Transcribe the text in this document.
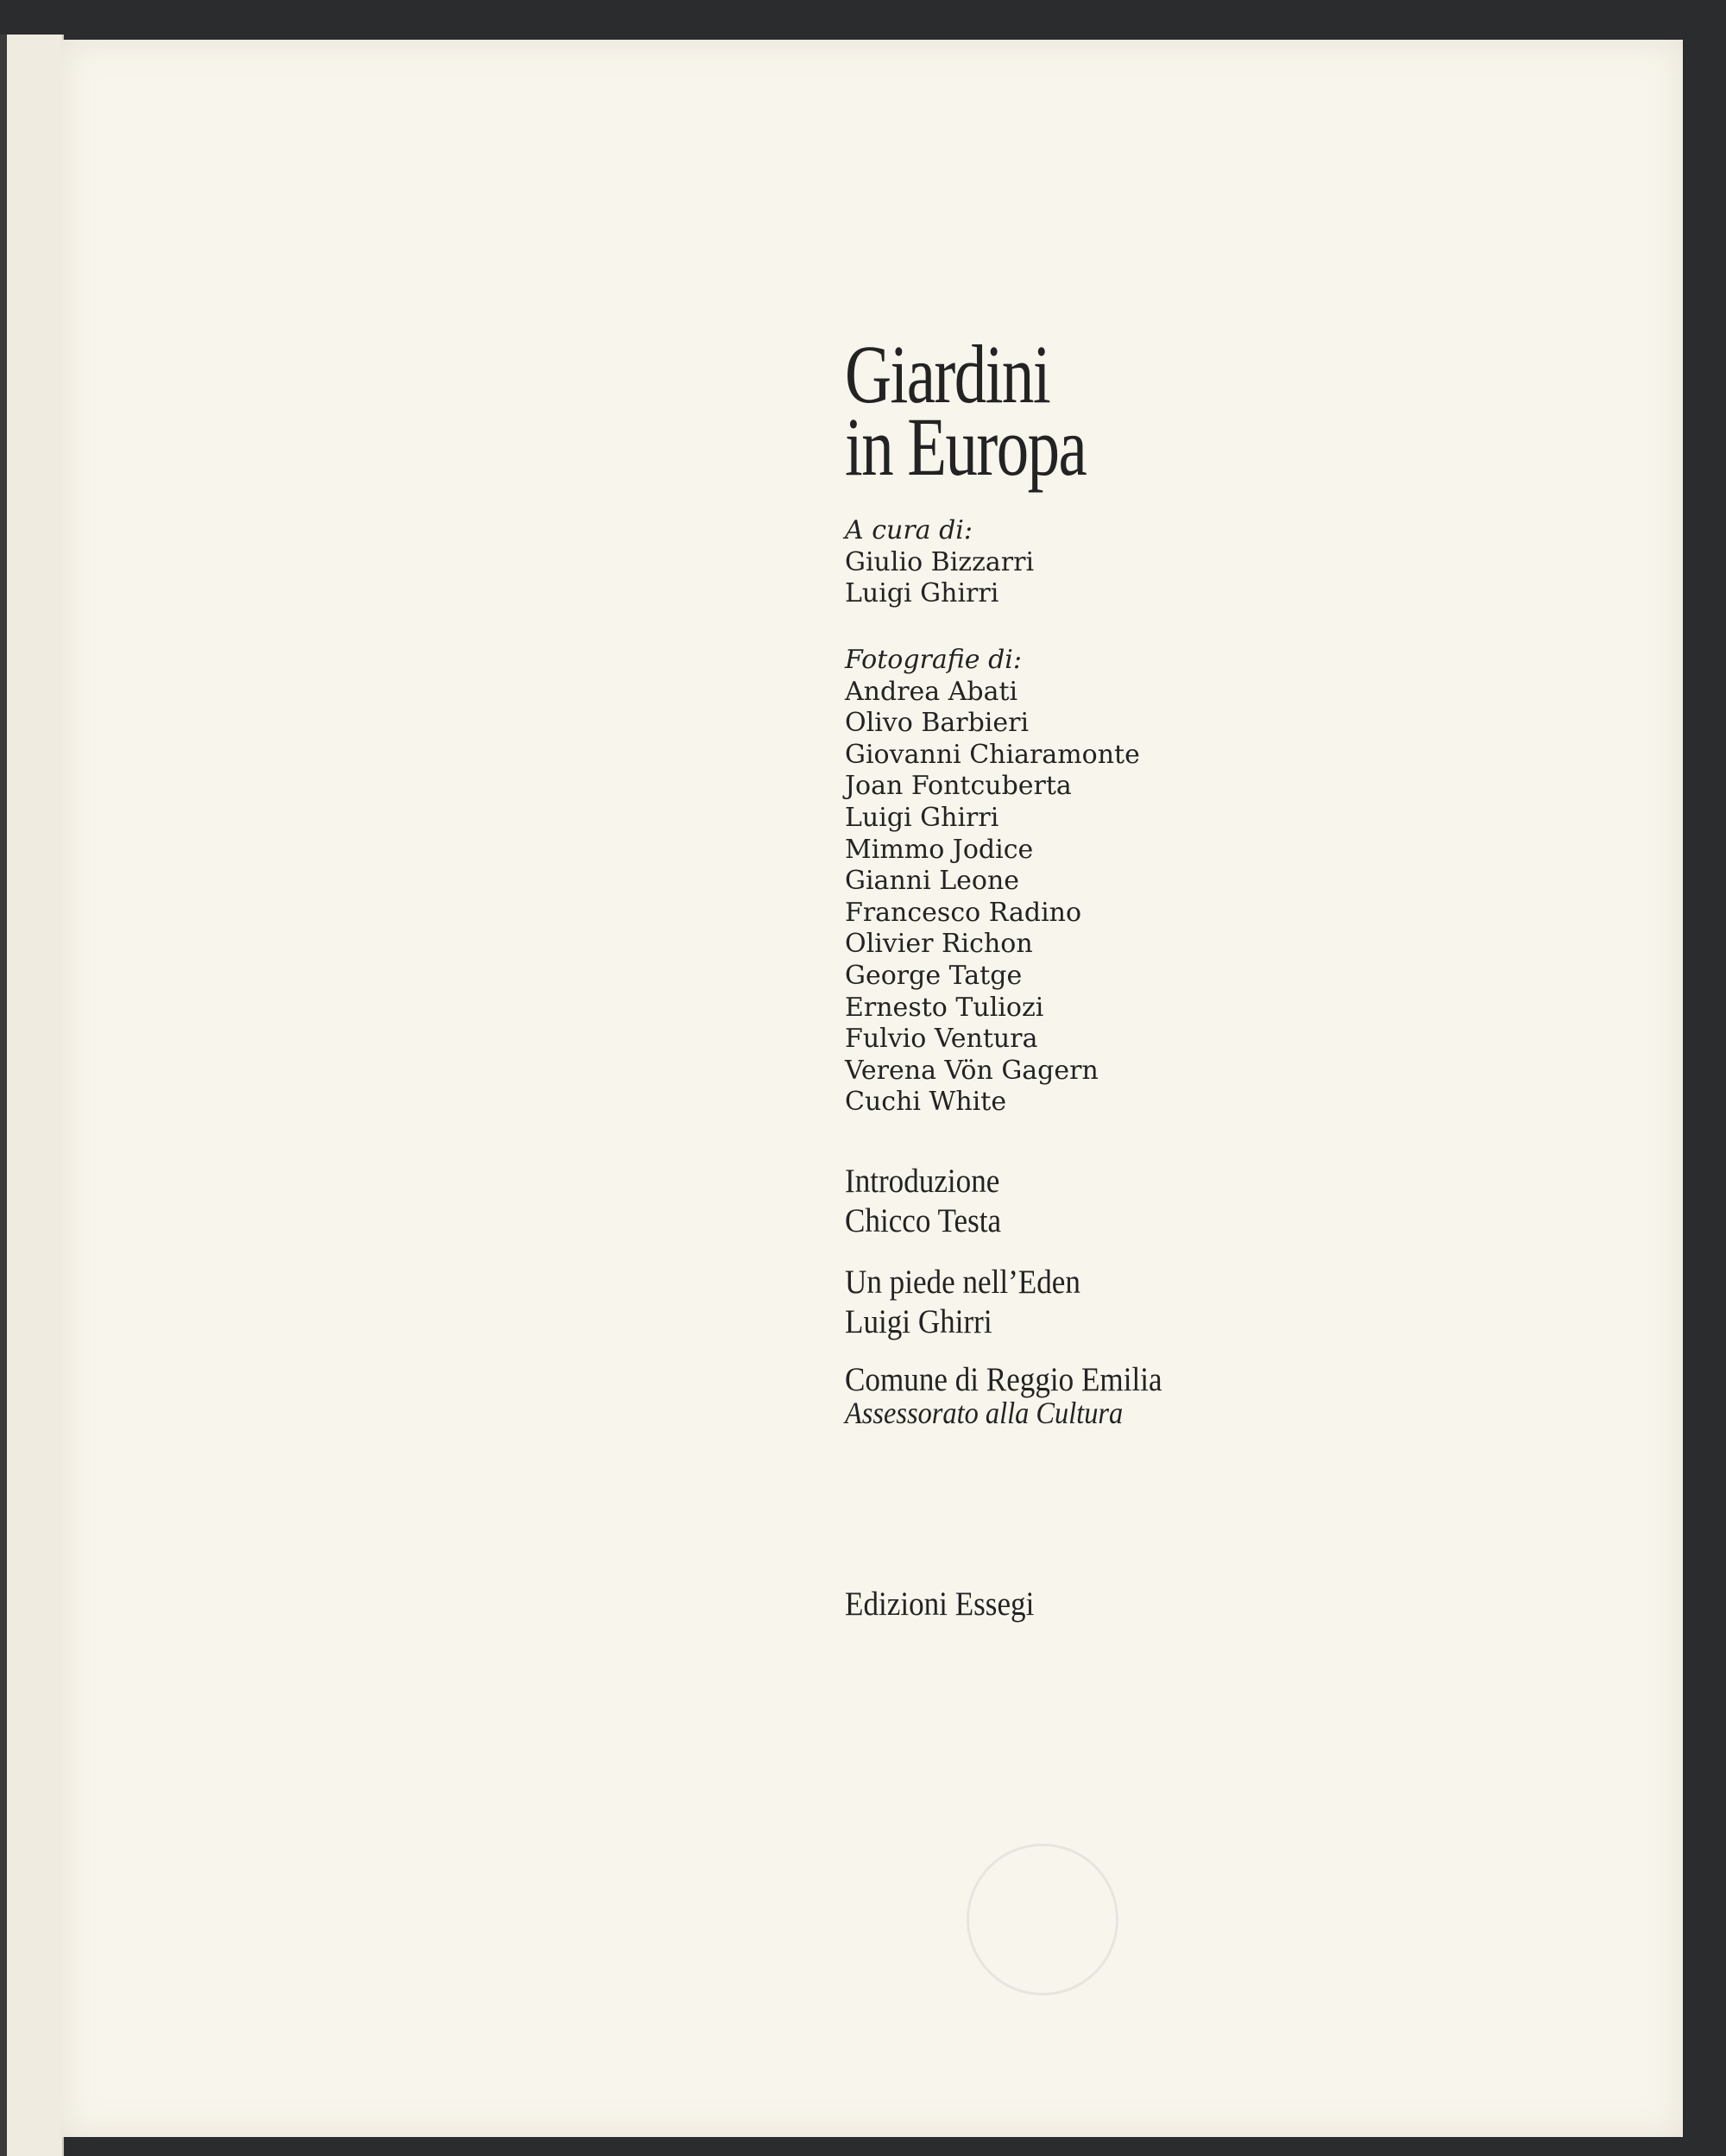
Giardini
in Europa
A cura di:
Giulio Bizzarri
Luigi Ghirri
Fotografie di:
Andrea Abati
Olivo Barbieri
Giovanni Chiaramonte
Joan Fontcuberta
Luigi Ghirri
Mimmo Jodice
Gianni Leone
Francesco Radino
Olivier Richon
George Tatge
Ernesto Tuliozi
Fulvio Ventura
Verena Vön Gagern
Cuchi White
Introduzione
Chicco Testa
Un piede nell’Eden
Luigi Ghirri
Comune di Reggio Emilia
Assessorato alla Cultura
Edizioni Essegi
